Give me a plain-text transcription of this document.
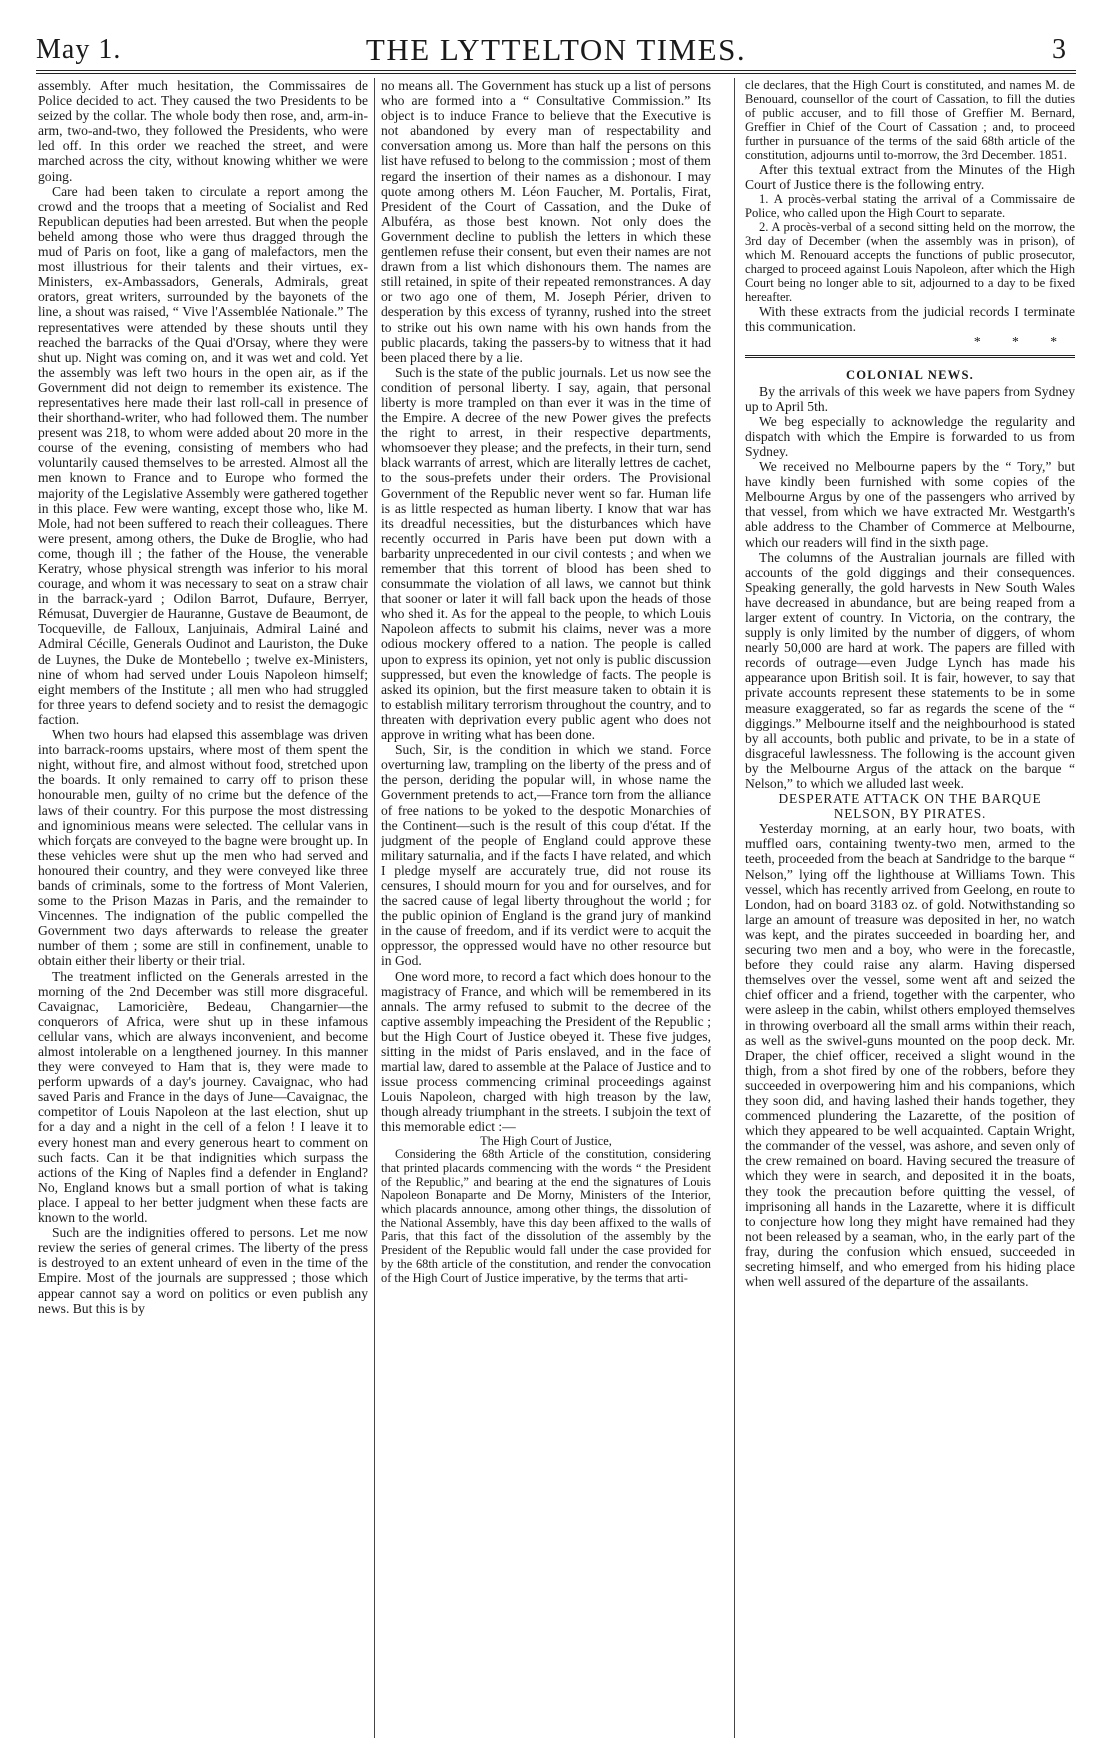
May 1.	THE LYTTELTON TIMES.	3

assembly. After much hesitation, the Commissaires de Police decided to act. They caused the two Presidents to be seized by the collar. The whole body then rose, and, arm-in-arm, two-and-two, they followed the Presidents, who were led off. In this order we reached the street, and were marched across the city, without knowing whither we were going.

Care had been taken to circulate a report among the crowd and the troops that a meeting of Socialist and Red Republican deputies had been arrested. But when the people beheld among those who were thus dragged through the mud of Paris on foot, like a gang of malefactors, men the most illustrious for their talents and their virtues, ex-Ministers, ex-Ambassadors, Generals, Admirals, great orators, great writers, surrounded by the bayonets of the line, a shout was raised, “ Vive l'Assemblée Nationale.” The representatives were attended by these shouts until they reached the barracks of the Quai d'Orsay, where they were shut up. Night was coming on, and it was wet and cold. Yet the assembly was left two hours in the open air, as if the Government did not deign to remember its existence. The representatives here made their last roll-call in presence of their shorthand-writer, who had followed them. The number present was 218, to whom were added about 20 more in the course of the evening, consisting of members who had voluntarily caused themselves to be arrested. Almost all the men known to France and to Europe who formed the majority of the Legislative Assembly were gathered together in this place. Few were wanting, except those who, like M. Mole, had not been suffered to reach their colleagues. There were present, among others, the Duke de Broglie, who had come, though ill ; the father of the House, the venerable Keratry, whose physical strength was inferior to his moral courage, and whom it was necessary to seat on a straw chair in the barrack-yard ; Odilon Barrot, Dufaure, Berryer, Rémusat, Duvergier de Hauranne, Gustave de Beaumont, de Tocqueville, de Falloux, Lanjuinais, Admiral Lainé and Admiral Cécille, Generals Oudinot and Lauriston, the Duke de Luynes, the Duke de Montebello ; twelve ex-Ministers, nine of whom had served under Louis Napoleon himself; eight members of the Institute ; all men who had struggled for three years to defend society and to resist the demagogic faction.

When two hours had elapsed this assemblage was driven into barrack-rooms upstairs, where most of them spent the night, without fire, and almost without food, stretched upon the boards. It only remained to carry off to prison these honourable men, guilty of no crime but the defence of the laws of their country. For this purpose the most distressing and ignominious means were selected. The cellular vans in which forçats are conveyed to the bagne were brought up. In these vehicles were shut up the men who had served and honoured their country, and they were conveyed like three bands of criminals, some to the fortress of Mont Valerien, some to the Prison Mazas in Paris, and the remainder to Vincennes. The indignation of the public compelled the Government two days afterwards to release the greater number of them ; some are still in confinement, unable to obtain either their liberty or their trial.

The treatment inflicted on the Generals arrested in the morning of the 2nd December was still more disgraceful. Cavaignac, Lamoricière, Bedeau, Changarnier—the conquerors of Africa, were shut up in these infamous cellular vans, which are always inconvenient, and become almost intolerable on a lengthened journey. In this manner they were conveyed to Ham that is, they were made to perform upwards of a day's journey. Cavaignac, who had saved Paris and France in the days of June—Cavaignac, the competitor of Louis Napoleon at the last election, shut up for a day and a night in the cell of a felon ! I leave it to every honest man and every generous heart to comment on such facts. Can it be that indignities which surpass the actions of the King of Naples find a defender in England? No, England knows but a small portion of what is taking place. I appeal to her better judgment when these facts are known to the world.

Such are the indignities offered to persons. Let me now review the series of general crimes. The liberty of the press is destroyed to an extent unheard of even in the time of the Empire. Most of the journals are suppressed ; those which appear cannot say a word on politics or even publish any news. But this is by

no means all. The Government has stuck up a list of persons who are formed into a “ Consultative Commission.” Its object is to induce France to believe that the Executive is not abandoned by every man of respectability and conversation among us. More than half the persons on this list have refused to belong to the commission ; most of them regard the insertion of their names as a dishonour. I may quote among others M. Léon Faucher, M. Portalis, Firat, President of the Court of Cassation, and the Duke of Albuféra, as those best known. Not only does the Government decline to publish the letters in which these gentlemen refuse their consent, but even their names are not drawn from a list which dishonours them. The names are still retained, in spite of their repeated remonstrances. A day or two ago one of them, M. Joseph Périer, driven to desperation by this excess of tyranny, rushed into the street to strike out his own name with his own hands from the public placards, taking the passers-by to witness that it had been placed there by a lie.

Such is the state of the public journals. Let us now see the condition of personal liberty. I say, again, that personal liberty is more trampled on than ever it was in the time of the Empire. A decree of the new Power gives the prefects the right to arrest, in their respective departments, whomsoever they please; and the prefects, in their turn, send black warrants of arrest, which are literally lettres de cachet, to the sous-prefets under their orders. The Provisional Government of the Republic never went so far. Human life is as little respected as human liberty. I know that war has its dreadful necessities, but the disturbances which have recently occurred in Paris have been put down with a barbarity unprecedented in our civil contests ; and when we remember that this torrent of blood has been shed to consummate the violation of all laws, we cannot but think that sooner or later it will fall back upon the heads of those who shed it. As for the appeal to the people, to which Louis Napoleon affects to submit his claims, never was a more odious mockery offered to a nation. The people is called upon to express its opinion, yet not only is public discussion suppressed, but even the knowledge of facts. The people is asked its opinion, but the first measure taken to obtain it is to establish military terrorism throughout the country, and to threaten with deprivation every public agent who does not approve in writing what has been done.

Such, Sir, is the condition in which we stand. Force overturning law, trampling on the liberty of the press and of the person, deriding the popular will, in whose name the Government pretends to act,—France torn from the alliance of free nations to be yoked to the despotic Monarchies of the Continent—such is the result of this coup d'état. If the judgment of the people of England could approve these military saturnalia, and if the facts I have related, and which I pledge myself are accurately true, did not rouse its censures, I should mourn for you and for ourselves, and for the sacred cause of legal liberty throughout the world ; for the public opinion of England is the grand jury of mankind in the cause of freedom, and if its verdict were to acquit the oppressor, the oppressed would have no other resource but in God.

One word more, to record a fact which does honour to the magistracy of France, and which will be remembered in its annals. The army refused to submit to the decree of the captive assembly impeaching the President of the Republic ; but the High Court of Justice obeyed it. These five judges, sitting in the midst of Paris enslaved, and in the face of martial law, dared to assemble at the Palace of Justice and to issue process commencing criminal proceedings against Louis Napoleon, charged with high treason by the law, though already triumphant in the streets. I subjoin the text of this memorable edict :—

The High Court of Justice,

Considering the 68th Article of the constitution, considering that printed placards commencing with the words “ the President of the Republic,” and bearing at the end the signatures of Louis Napoleon Bonaparte and De Morny, Ministers of the Interior, which placards announce, among other things, the dissolution of the National Assembly, have this day been affixed to the walls of Paris, that this fact of the dissolution of the assembly by the President of the Republic would fall under the case provided for by the 68th article of the constitution, and render the convocation of the High Court of Justice imperative, by the terms that arti-

cle declares, that the High Court is constituted, and names M. de Benouard, counsellor of the court of Cassation, to fill the duties of public accuser, and to fill those of Greffier M. Bernard, Greffier in Chief of the Court of Cassation ; and, to proceed further in pursuance of the terms of the said 68th article of the constitution, adjourns until to-morrow, the 3rd December. 1851.

After this textual extract from the Minutes of the High Court of Justice there is the following entry.

1. A procès-verbal stating the arrival of a Commissaire de Police, who called upon the High Court to separate.

2. A procès-verbal of a second sitting held on the morrow, the 3rd day of December (when the assembly was in prison), of which M. Renouard accepts the functions of public prosecutor, charged to proceed against Louis Napoleon, after which the High Court being no longer able to sit, adjourned to a day to be fixed hereafter.

With these extracts from the judicial records I terminate this communication.

* * *

COLONIAL NEWS.

By the arrivals of this week we have papers from Sydney up to April 5th.

We beg especially to acknowledge the regularity and dispatch with which the Empire is forwarded to us from Sydney.

We received no Melbourne papers by the “ Tory,” but have kindly been furnished with some copies of the Melbourne Argus by one of the passengers who arrived by that vessel, from which we have extracted Mr. Westgarth's able address to the Chamber of Commerce at Melbourne, which our readers will find in the sixth page.

The columns of the Australian journals are filled with accounts of the gold diggings and their consequences. Speaking generally, the gold harvests in New South Wales have decreased in abundance, but are being reaped from a larger extent of country. In Victoria, on the contrary, the supply is only limited by the number of diggers, of whom nearly 50,000 are hard at work. The papers are filled with records of outrage—even Judge Lynch has made his appearance upon British soil. It is fair, however, to say that private accounts represent these statements to be in some measure exaggerated, so far as regards the scene of the “ diggings.” Melbourne itself and the neighbourhood is stated by all accounts, both public and private, to be in a state of disgraceful lawlessness. The following is the account given by the Melbourne Argus of the attack on the barque “ Nelson,” to which we alluded last week.

DESPERATE ATTACK ON THE BARQUE

NELSON, BY PIRATES.

Yesterday morning, at an early hour, two boats, with muffled oars, containing twenty-two men, armed to the teeth, proceeded from the beach at Sandridge to the barque “ Nelson,” lying off the lighthouse at Williams Town. This vessel, which has recently arrived from Geelong, en route to London, had on board 3183 oz. of gold. Notwithstanding so large an amount of treasure was deposited in her, no watch was kept, and the pirates succeeded in boarding her, and securing two men and a boy, who were in the forecastle, before they could raise any alarm. Having dispersed themselves over the vessel, some went aft and seized the chief officer and a friend, together with the carpenter, who were asleep in the cabin, whilst others employed themselves in throwing overboard all the small arms within their reach, as well as the swivel-guns mounted on the poop deck. Mr. Draper, the chief officer, received a slight wound in the thigh, from a shot fired by one of the robbers, before they succeeded in overpowering him and his companions, which they soon did, and having lashed their hands together, they commenced plundering the Lazarette, of the position of which they appeared to be well acquainted. Captain Wright, the commander of the vessel, was ashore, and seven only of the crew remained on board. Having secured the treasure of which they were in search, and deposited it in the boats, they took the precaution before quitting the vessel, of imprisoning all hands in the Lazarette, where it is difficult to conjecture how long they might have remained had they not been released by a seaman, who, in the early part of the fray, during the confusion which ensued, succeeded in secreting himself, and who emerged from his hiding place when well assured of the departure of the assailants.
